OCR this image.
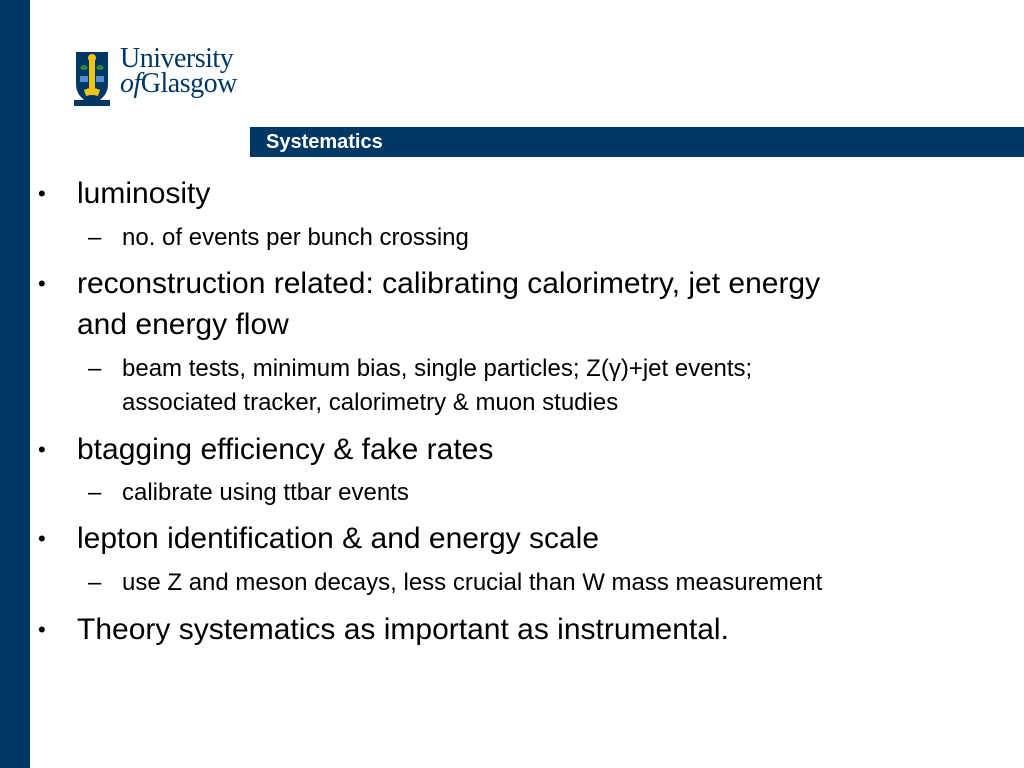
University
ofGlasgow
Systematics
•	luminosity
– no. of events per bunch crossing
•	reconstruction related: calibrating calorimetry, jet energy
and energy flow
– beam tests, minimum bias, single particles; Z(γ)+jet events;
associated tracker, calorimetry & muon studies
•	btagging efficiency & fake rates
– calibrate using ttbar events
•	lepton identification & and energy scale
– use Z and meson decays, less crucial than W mass measurement
•	Theory systematics as important as instrumental.
